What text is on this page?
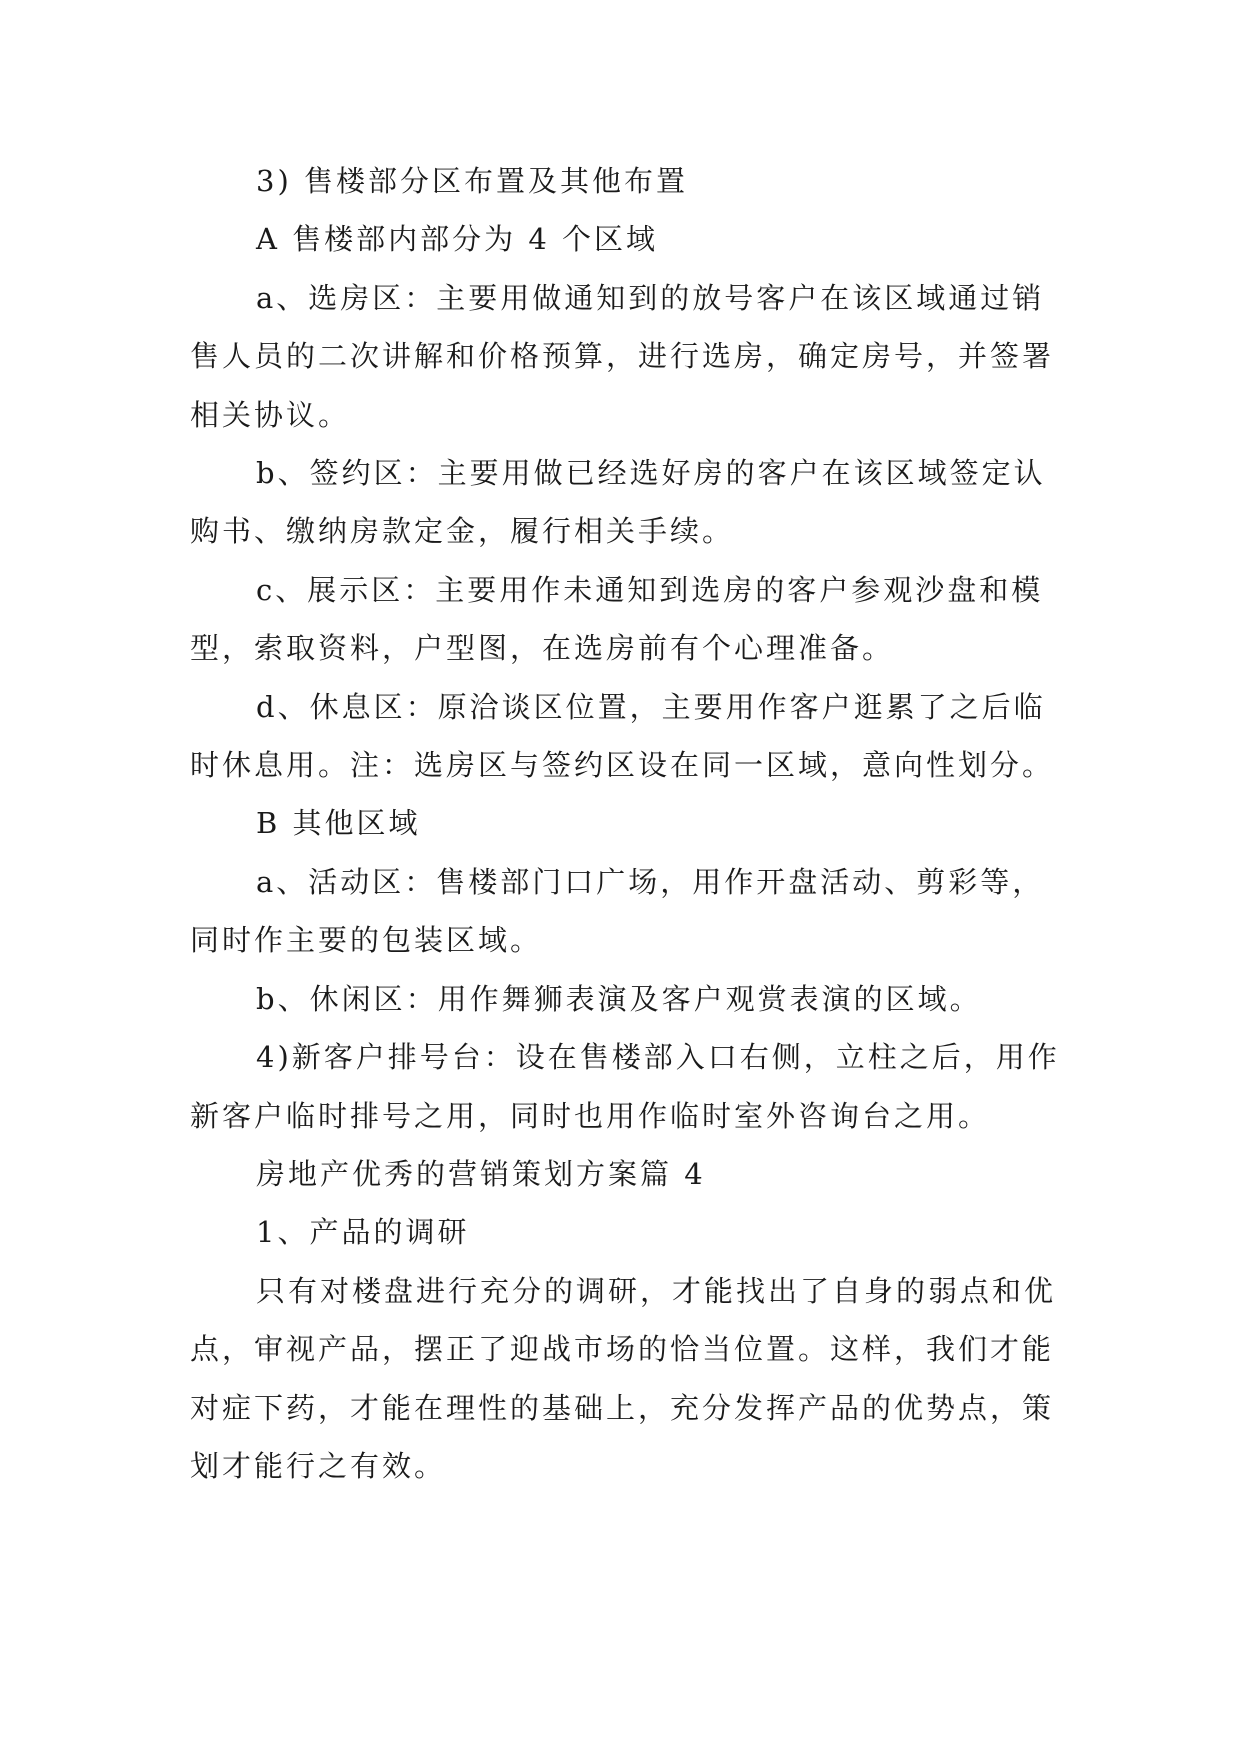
3) 售楼部分区布置及其他布置

A 售楼部内部分为 4 个区域

a、选房区：主要用做通知到的放号客户在该区域通过销售人员的二次讲解和价格预算，进行选房，确定房号，并签署相关协议。

b、签约区：主要用做已经选好房的客户在该区域签定认购书、缴纳房款定金，履行相关手续。

c、展示区：主要用作未通知到选房的客户参观沙盘和模型，索取资料，户型图，在选房前有个心理准备。

d、休息区：原洽谈区位置，主要用作客户逛累了之后临时休息用。注：选房区与签约区设在同一区域，意向性划分。

B 其他区域

a、活动区：售楼部门口广场，用作开盘活动、剪彩等，同时作主要的包装区域。

b、休闲区：用作舞狮表演及客户观赏表演的区域。

4)新客户排号台：设在售楼部入口右侧，立柱之后，用作新客户临时排号之用，同时也用作临时室外咨询台之用。

房地产优秀的营销策划方案篇 4

1、产品的调研

只有对楼盘进行充分的调研，才能找出了自身的弱点和优点，审视产品，摆正了迎战市场的恰当位置。这样，我们才能对症下药，才能在理性的基础上，充分发挥产品的优势点，策划才能行之有效。
